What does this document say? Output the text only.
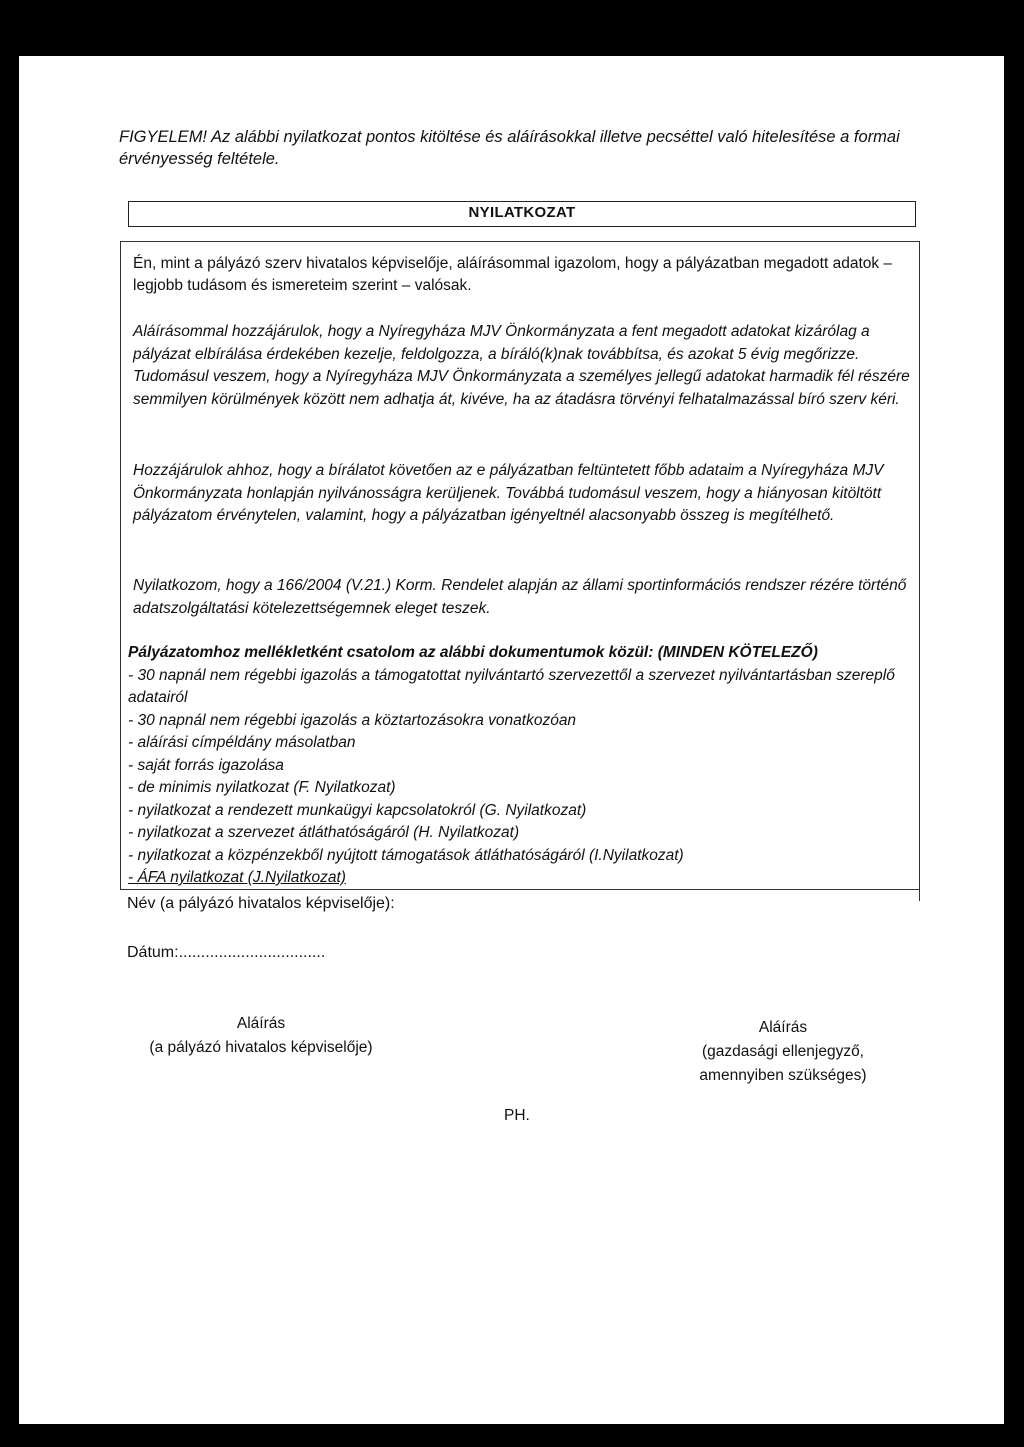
FIGYELEM! Az alábbi nyilatkozat pontos kitöltése és aláírásokkal illetve pecséttel való hitelesítése a formai érvényesség feltétele.
NYILATKOZAT
Én, mint a pályázó szerv hivatalos képviselője, aláírásommal igazolom, hogy a pályázatban megadott adatok – legjobb tudásom és ismereteim szerint – valósak.
Aláírásommal hozzájárulok, hogy a Nyíregyháza MJV Önkormányzata a fent megadott adatokat kizárólag a pályázat elbírálása érdekében kezelje, feldolgozza, a bíráló(k)nak továbbítsa, és azokat 5 évig megőrizze. Tudomásul veszem, hogy a Nyíregyháza MJV Önkormányzata a személyes jellegű adatokat harmadik fél részére semmilyen körülmények között nem adhatja át, kivéve, ha az átadásra törvényi felhatalmazással bíró szerv kéri.
Hozzájárulok ahhoz, hogy a bírálatot követően az e pályázatban feltüntetett főbb adataim a Nyíregyháza MJV Önkormányzata honlapján nyilvánosságra kerüljenek. Továbbá tudomásul veszem, hogy a hiányosan kitöltött pályázatom érvénytelen, valamint, hogy a pályázatban igényeltnél alacsonyabb összeg is megítélhető.
Nyilatkozom, hogy a 166/2004 (V.21.) Korm. Rendelet alapján az állami sportinformációs rendszer rézére történő adatszolgáltatási kötelezettségemnek eleget teszek.
Pályázatomhoz mellékletként csatolom az alábbi dokumentumok közül: (MINDEN KÖTELEZŐ)
- 30 napnál nem régebbi igazolás a támogatottat nyilvántartó szervezettől a szervezet nyilvántartásban szereplő adatairól
- 30 napnál nem régebbi igazolás a köztartozásokra vonatkozóan
- aláírási címpéldány másolatban
- saját forrás igazolása
- de minimis nyilatkozat (F. Nyilatkozat)
- nyilatkozat a rendezett munkaügyi kapcsolatokról (G. Nyilatkozat)
- nyilatkozat a szervezet átláthatóságáról (H. Nyilatkozat)
- nyilatkozat a közpénzekből nyújtott támogatások átláthatóságáról (I.Nyilatkozat)
- ÁFA nyilatkozat (J.Nyilatkozat)
Név (a pályázó hivatalos képviselője):
Dátum:.................................
Aláírás
(a pályázó hivatalos képviselője)
Aláírás
(gazdasági ellenjegyző,
amennyiben szükséges)
PH.
